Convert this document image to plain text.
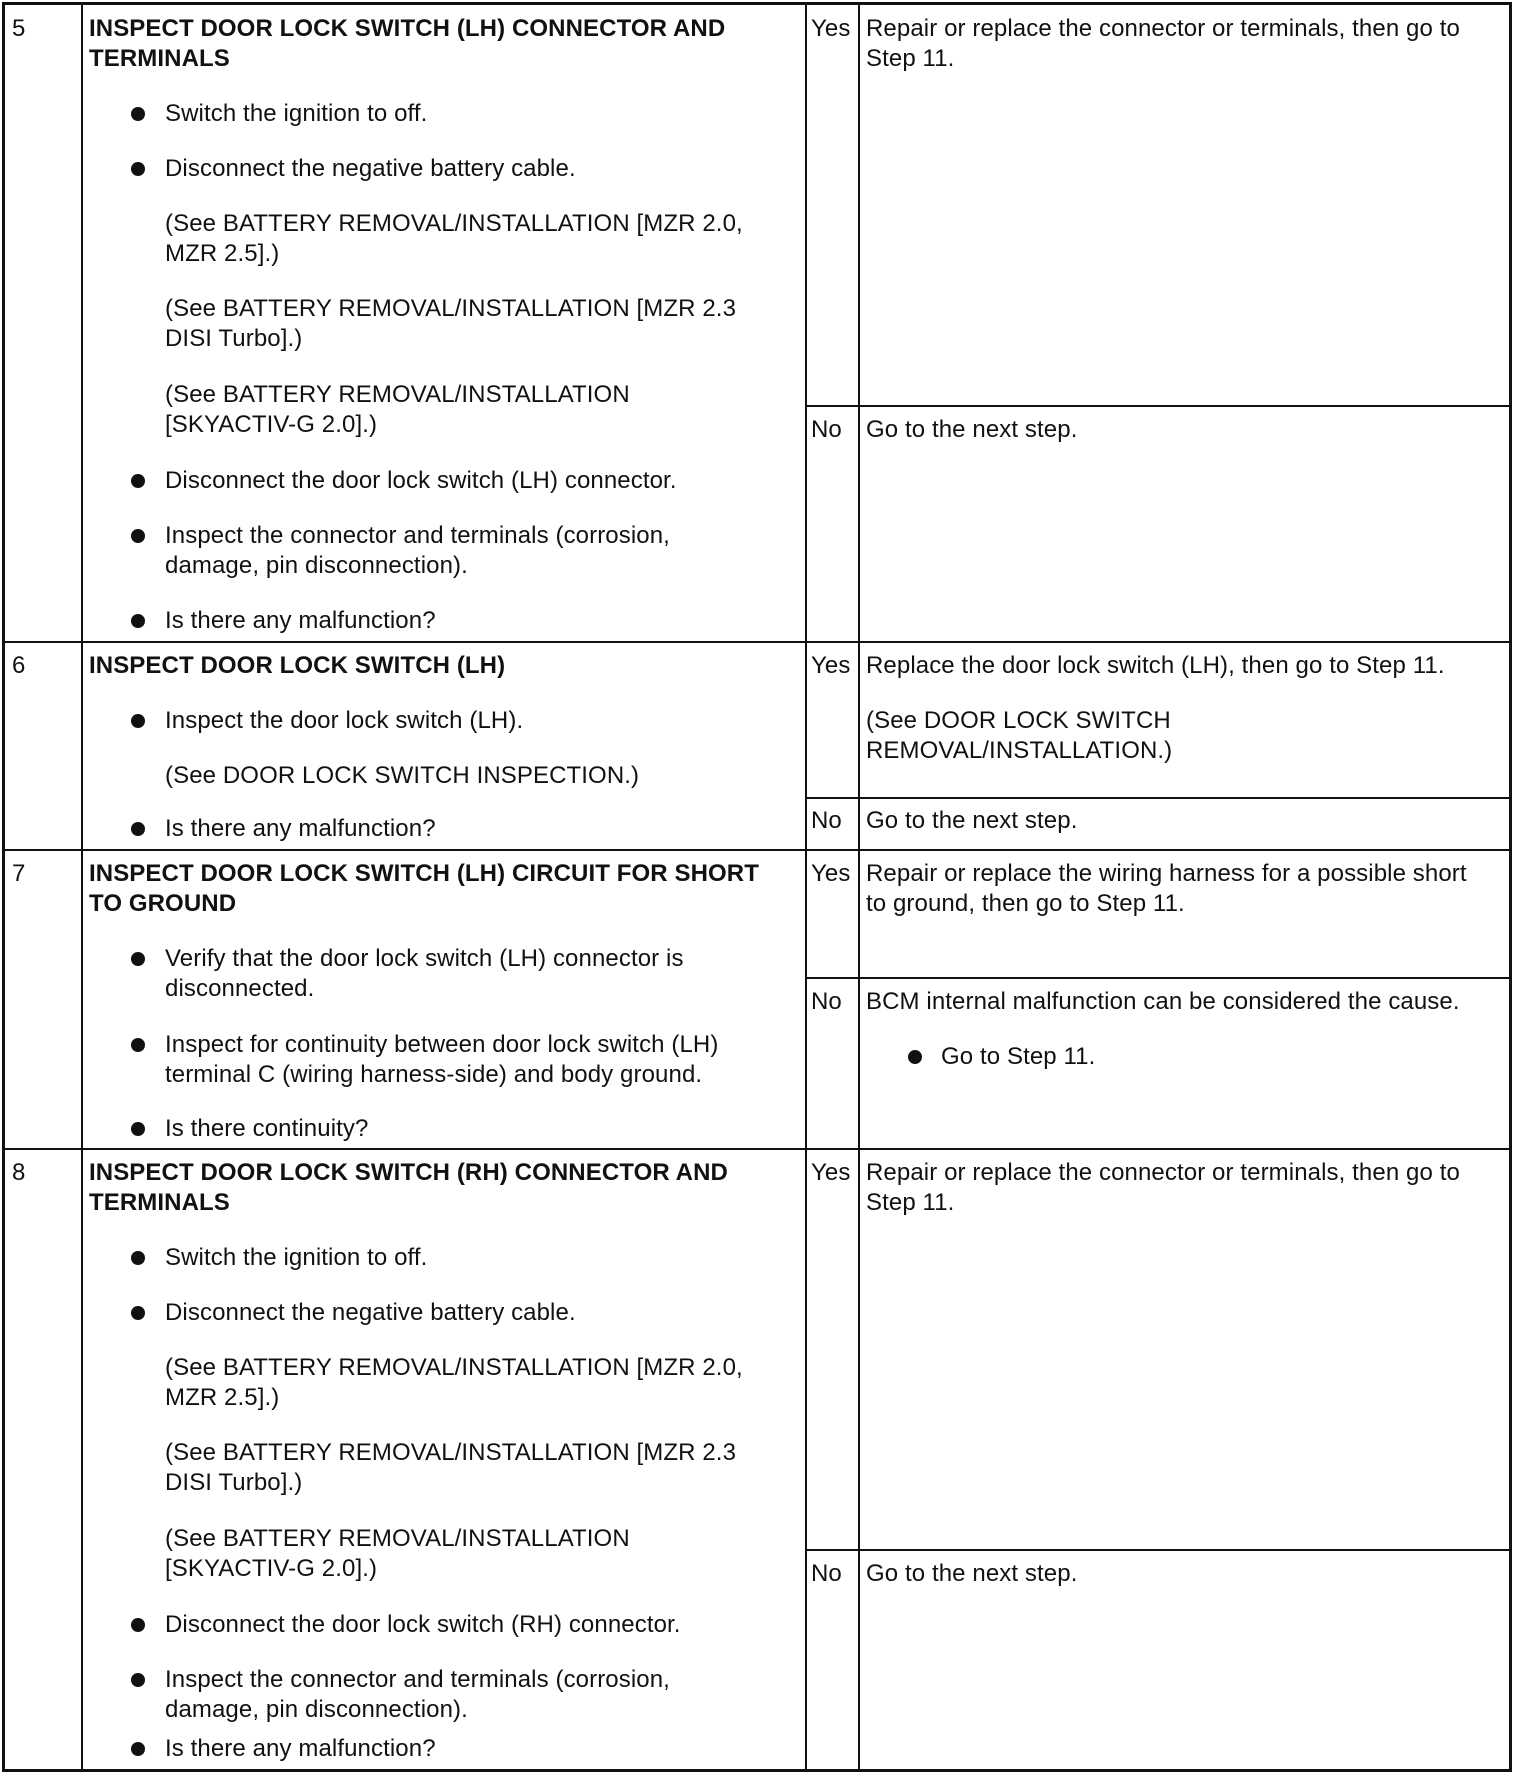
5	INSPECT DOOR LOCK SWITCH (LH) CONNECTOR AND
TERMINALS
Switch the ignition to off.
Disconnect the negative battery cable.
(See BATTERY REMOVAL/INSTALLATION [MZR 2.0,
MZR 2.5].)
(See BATTERY REMOVAL/INSTALLATION [MZR 2.3
DISI Turbo].)
(See BATTERY REMOVAL/INSTALLATION
[SKYACTIV-G 2.0].)
Disconnect the door lock switch (LH) connector.
Inspect the connector and terminals (corrosion,
damage, pin disconnection).
Is there any malfunction?
Yes Repair or replace the connector or terminals, then go to
Step 11.
No Go to the next step.
6	INSPECT DOOR LOCK SWITCH (LH)
Inspect the door lock switch (LH).
(See DOOR LOCK SWITCH INSPECTION.)
Is there any malfunction?
Yes Replace the door lock switch (LH), then go to Step 11.
(See DOOR LOCK SWITCH
REMOVAL/INSTALLATION.)
No Go to the next step.
7	INSPECT DOOR LOCK SWITCH (LH) CIRCUIT FOR SHORT
TO GROUND
Verify that the door lock switch (LH) connector is
disconnected.
Inspect for continuity between door lock switch (LH)
terminal C (wiring harness-side) and body ground.
Is there continuity?
Yes Repair or replace the wiring harness for a possible short
to ground, then go to Step 11.
No BCM internal malfunction can be considered the cause.
Go to Step 11.
8	INSPECT DOOR LOCK SWITCH (RH) CONNECTOR AND
TERMINALS
Switch the ignition to off.
Disconnect the negative battery cable.
(See BATTERY REMOVAL/INSTALLATION [MZR 2.0,
MZR 2.5].)
(See BATTERY REMOVAL/INSTALLATION [MZR 2.3
DISI Turbo].)
(See BATTERY REMOVAL/INSTALLATION
[SKYACTIV-G 2.0].)
Disconnect the door lock switch (RH) connector.
Inspect the connector and terminals (corrosion,
damage, pin disconnection).
Is there any malfunction?
Yes Repair or replace the connector or terminals, then go to
Step 11.
No Go to the next step.
